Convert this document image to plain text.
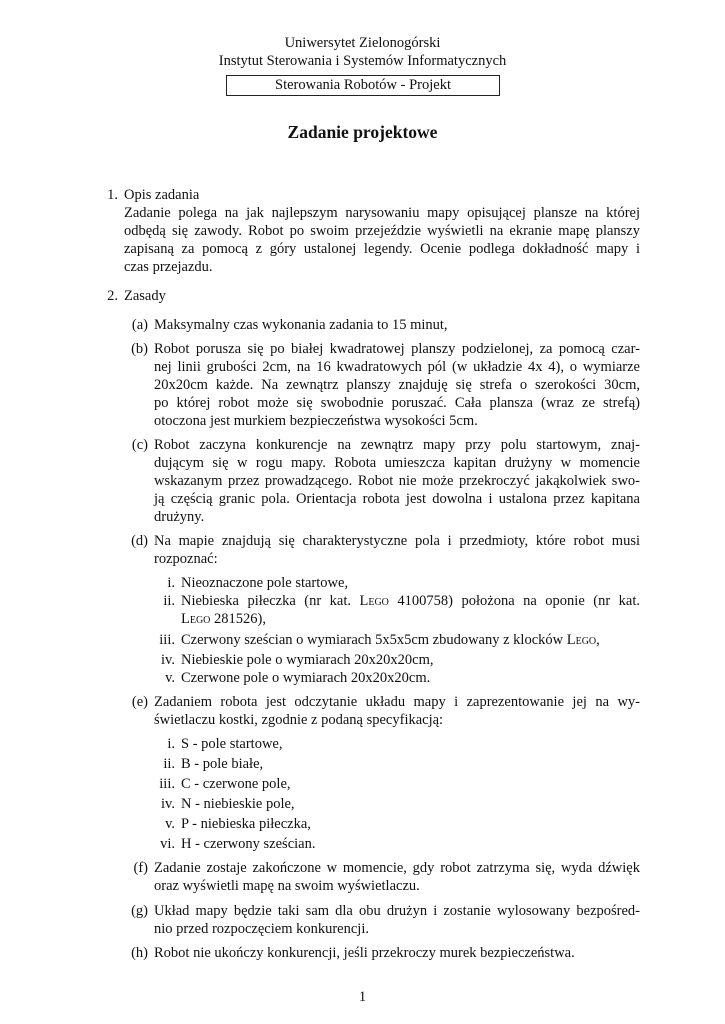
Uniwersytet Zielonogórski
Instytut Sterowania i Systemów Informatycznych
Sterowania Robotów - Projekt
Zadanie projektowe
1. Opis zadania
Zadanie polega na jak najlepszym narysowaniu mapy opisującej plansze na której
odbędą się zawody. Robot po swoim przejeździe wyświetli na ekranie mapę planszy
zapisaną za pomocą z góry ustalonej legendy. Ocenie podlega dokładność mapy i
czas przejazdu.
2. Zasady
(a) Maksymalny czas wykonania zadania to 15 minut,
(b) Robot porusza się po białej kwadratowej planszy podzielonej, za pomocą czar-
nej linii grubości 2cm, na 16 kwadratowych pól (w układzie 4x 4), o wymiarze
20x20cm każde. Na zewnątrz planszy znajduję się strefa o szerokości 30cm,
po której robot może się swobodnie poruszać. Cała plansza (wraz ze strefą)
otoczona jest murkiem bezpieczeństwa wysokości 5cm.
(c) Robot zaczyna konkurencje na zewnątrz mapy przy polu startowym, znaj-
dującym się w rogu mapy. Robota umieszcza kapitan drużyny w momencie
wskazanym przez prowadzącego. Robot nie może przekroczyć jakąkolwiek swo-
ją częścią granic pola. Orientacja robota jest dowolna i ustalona przez kapitana
drużyny.
(d) Na mapie znajdują się charakterystyczne pola i przedmioty, które robot musi
rozpoznać:
i. Nieoznaczone pole startowe,
ii. Niebieska piłeczka (nr kat. Lego 4100758) położona na oponie (nr kat.
Lego 281526),
iii. Czerwony sześcian o wymiarach 5x5x5cm zbudowany z klocków Lego,
iv. Niebieskie pole o wymiarach 20x20x20cm,
v. Czerwone pole o wymiarach 20x20x20cm.
(e) Zadaniem robota jest odczytanie układu mapy i zaprezentowanie jej na wy-
świetlaczu kostki, zgodnie z podaną specyfikacją:
i. S - pole startowe,
ii. B - pole białe,
iii. C - czerwone pole,
iv. N - niebieskie pole,
v. P - niebieska piłeczka,
vi. H - czerwony sześcian.
(f) Zadanie zostaje zakończone w momencie, gdy robot zatrzyma się, wyda dźwięk
oraz wyświetli mapę na swoim wyświetlaczu.
(g) Układ mapy będzie taki sam dla obu drużyn i zostanie wylosowany bezpośred-
nio przed rozpoczęciem konkurencji.
(h) Robot nie ukończy konkurencji, jeśli przekroczy murek bezpieczeństwa.
1
